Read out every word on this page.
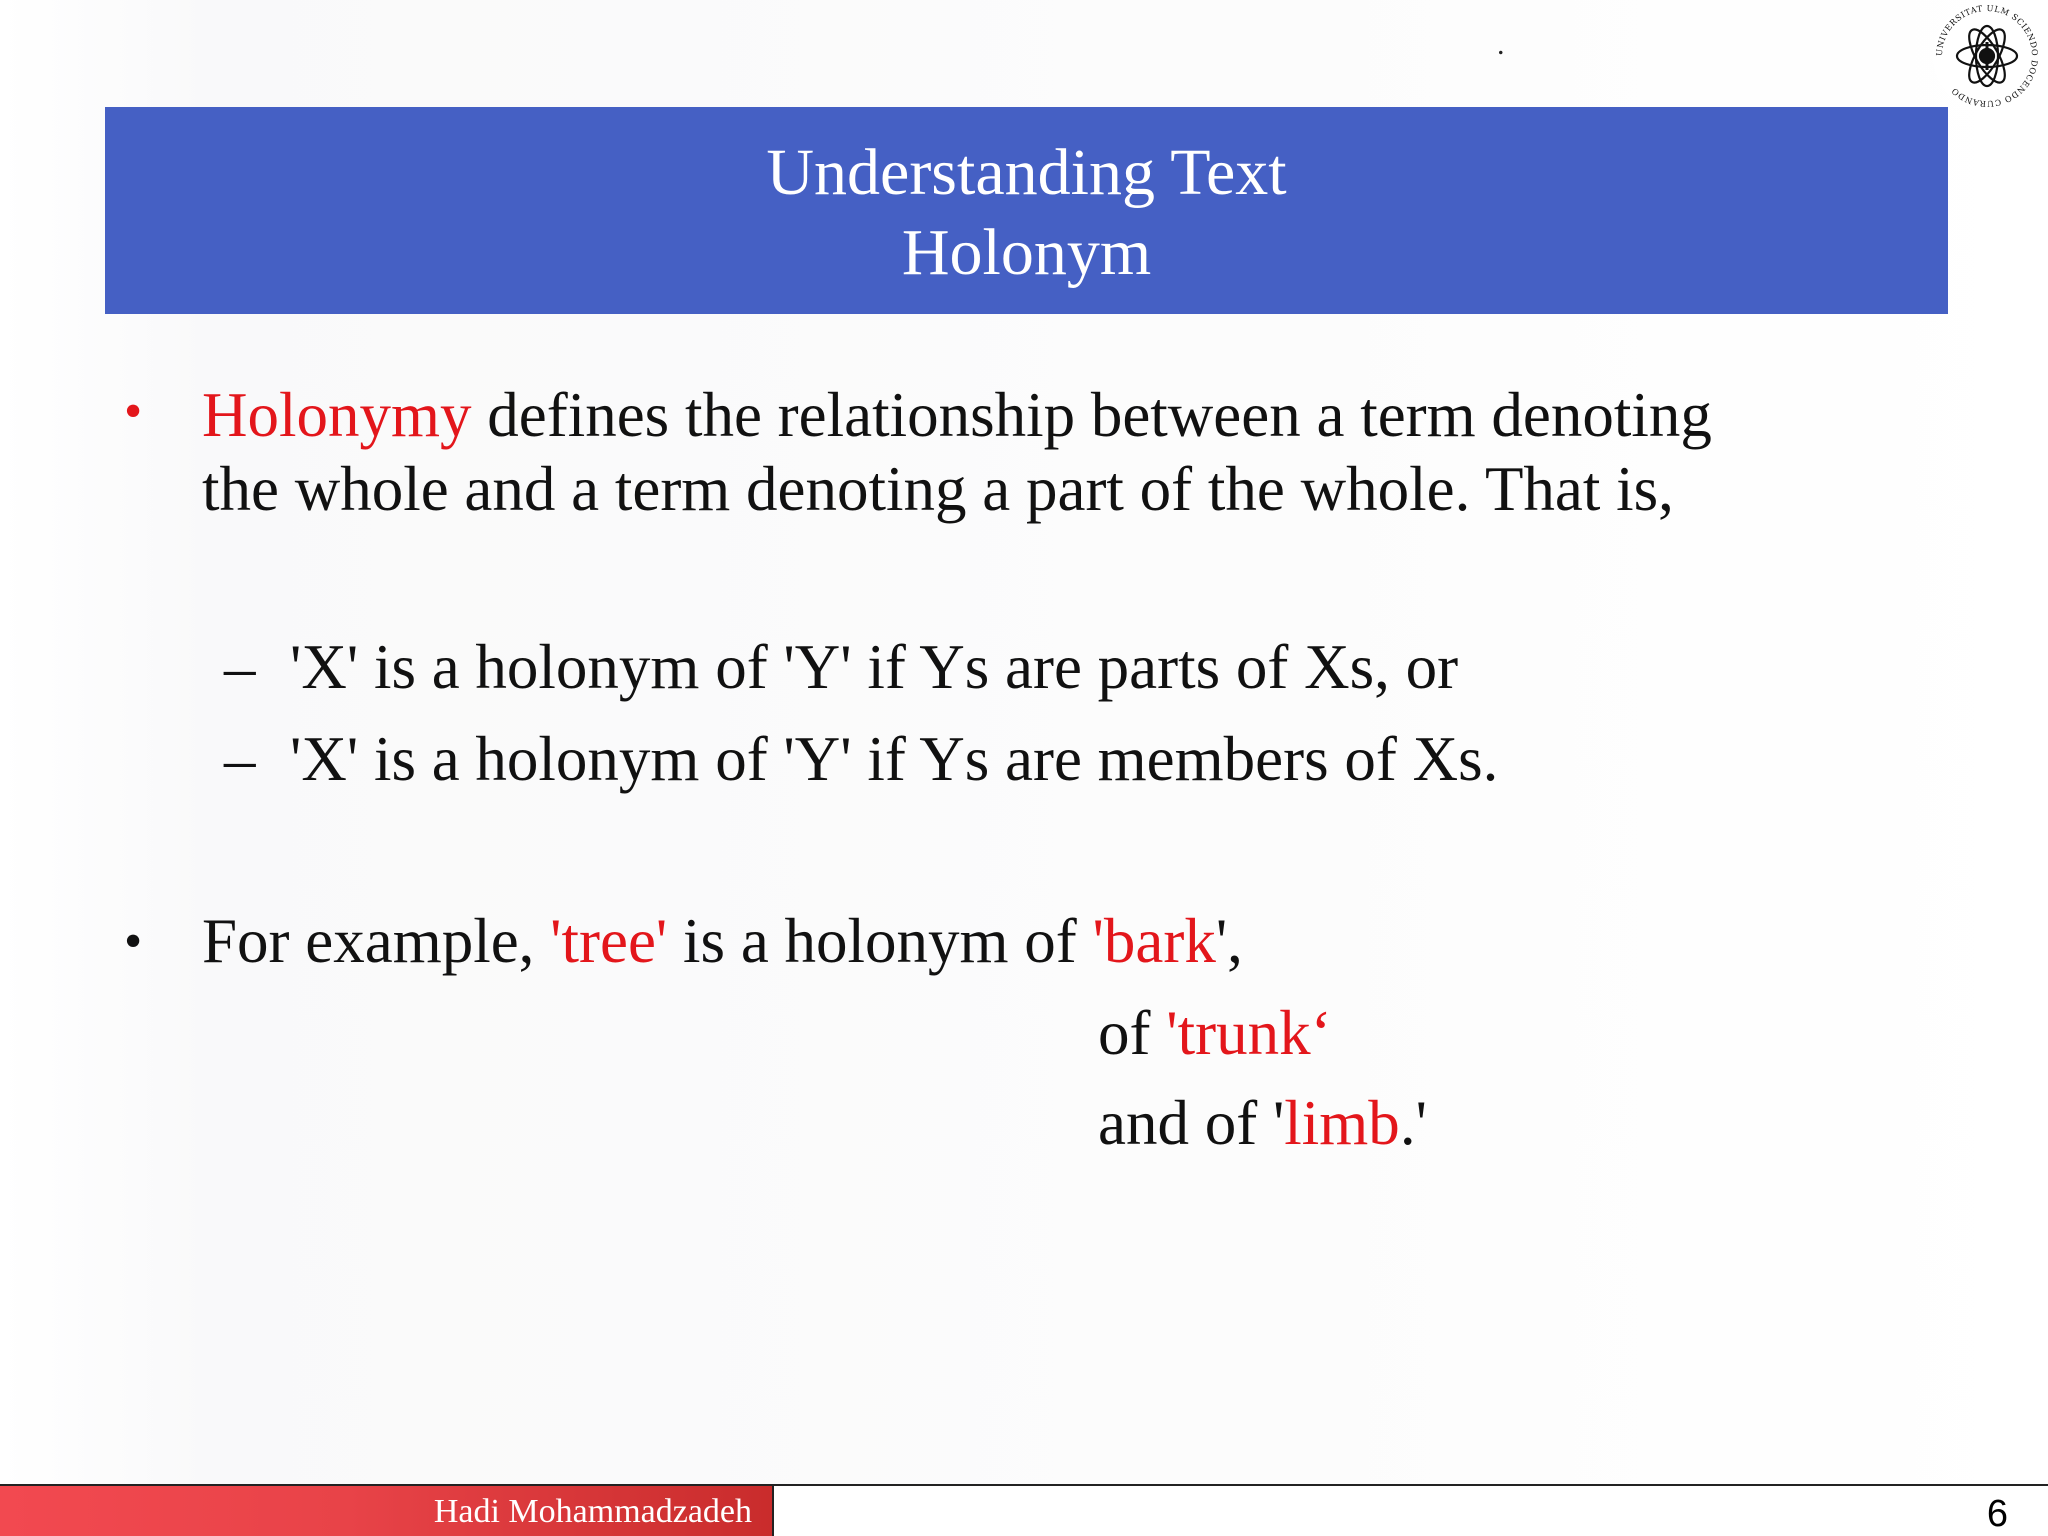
.	UNIVERSITAT ULM SCIENDO DOCENDO CURANDO
Understanding Text
Holonym
• Holonymy defines the relationship between a term denoting
the whole and a term denoting a part of the whole. That is,
– 'X' is a holonym of 'Y' if Ys are parts of Xs, or
– 'X' is a holonym of 'Y' if Ys are members of Xs.
• For example, 'tree' is a holonym of 'bark',
of 'trunk‘
and of 'limb.'
Hadi Mohammadzadeh	6
